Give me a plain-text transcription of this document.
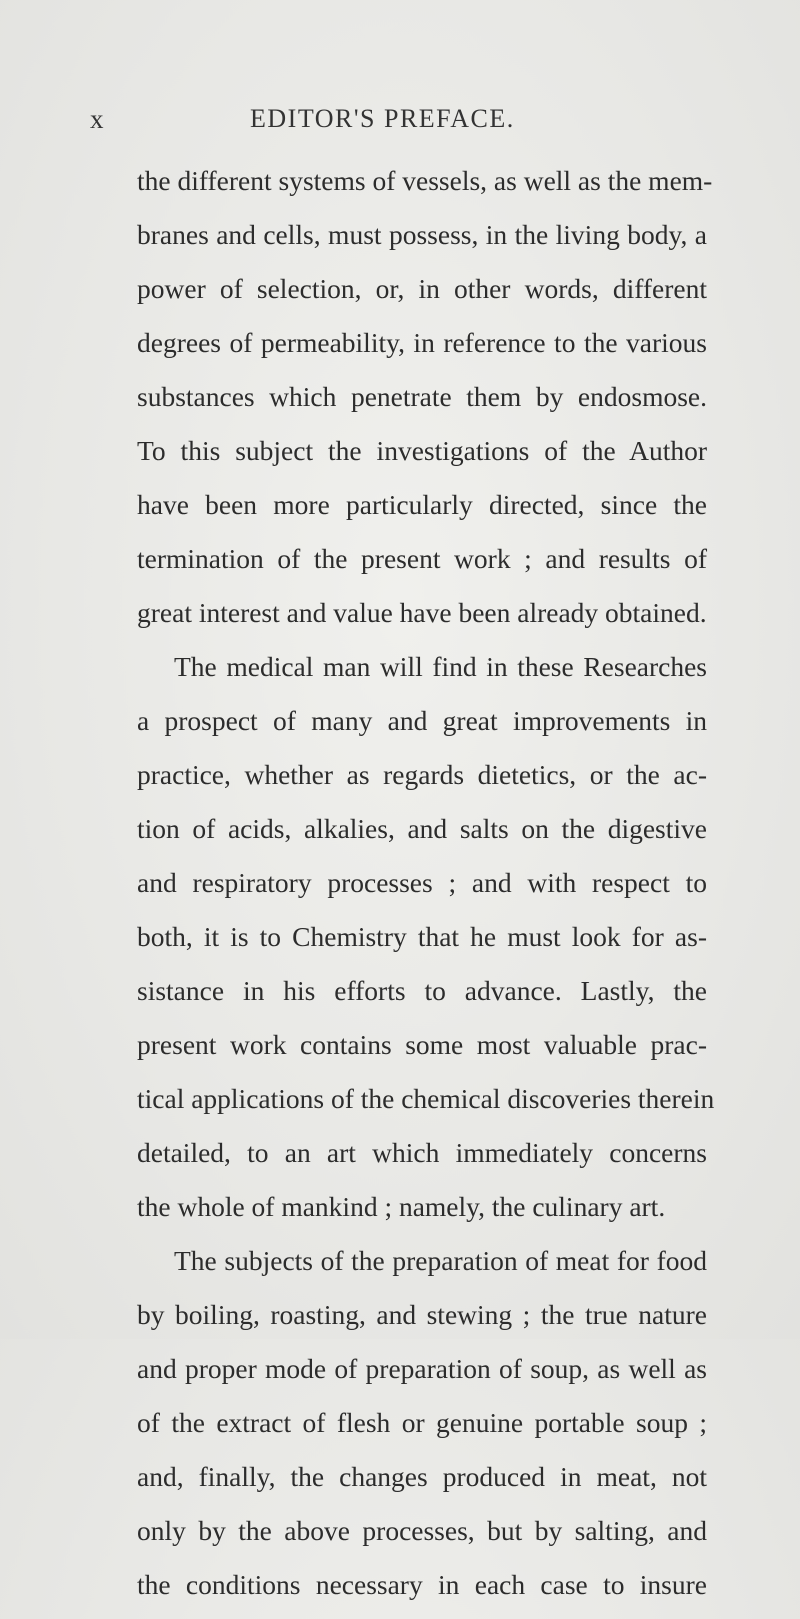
x	EDITOR'S PREFACE.
the different systems of vessels, as well as the mem-
branes and cells, must possess, in the living body, a
power of selection, or, in other words, different
degrees of permeability, in reference to the various
substances which penetrate them by endosmose.
To this subject the investigations of the Author
have been more particularly directed, since the
termination of the present work ; and results of
great interest and value have been already obtained.
The medical man will find in these Researches
a prospect of many and great improvements in
practice, whether as regards dietetics, or the ac-
tion of acids, alkalies, and salts on the digestive
and respiratory processes ; and with respect to
both, it is to Chemistry that he must look for as-
sistance in his efforts to advance. Lastly, the
present work contains some most valuable prac-
tical applications of the chemical discoveries therein
detailed, to an art which immediately concerns
the whole of mankind ; namely, the culinary art.
The subjects of the preparation of meat for food
by boiling, roasting, and stewing ; the true nature
and proper mode of preparation of soup, as well as
of the extract of flesh or genuine portable soup ;
and, finally, the changes produced in meat, not
only by the above processes, but by salting, and
the conditions necessary in each case to insure
